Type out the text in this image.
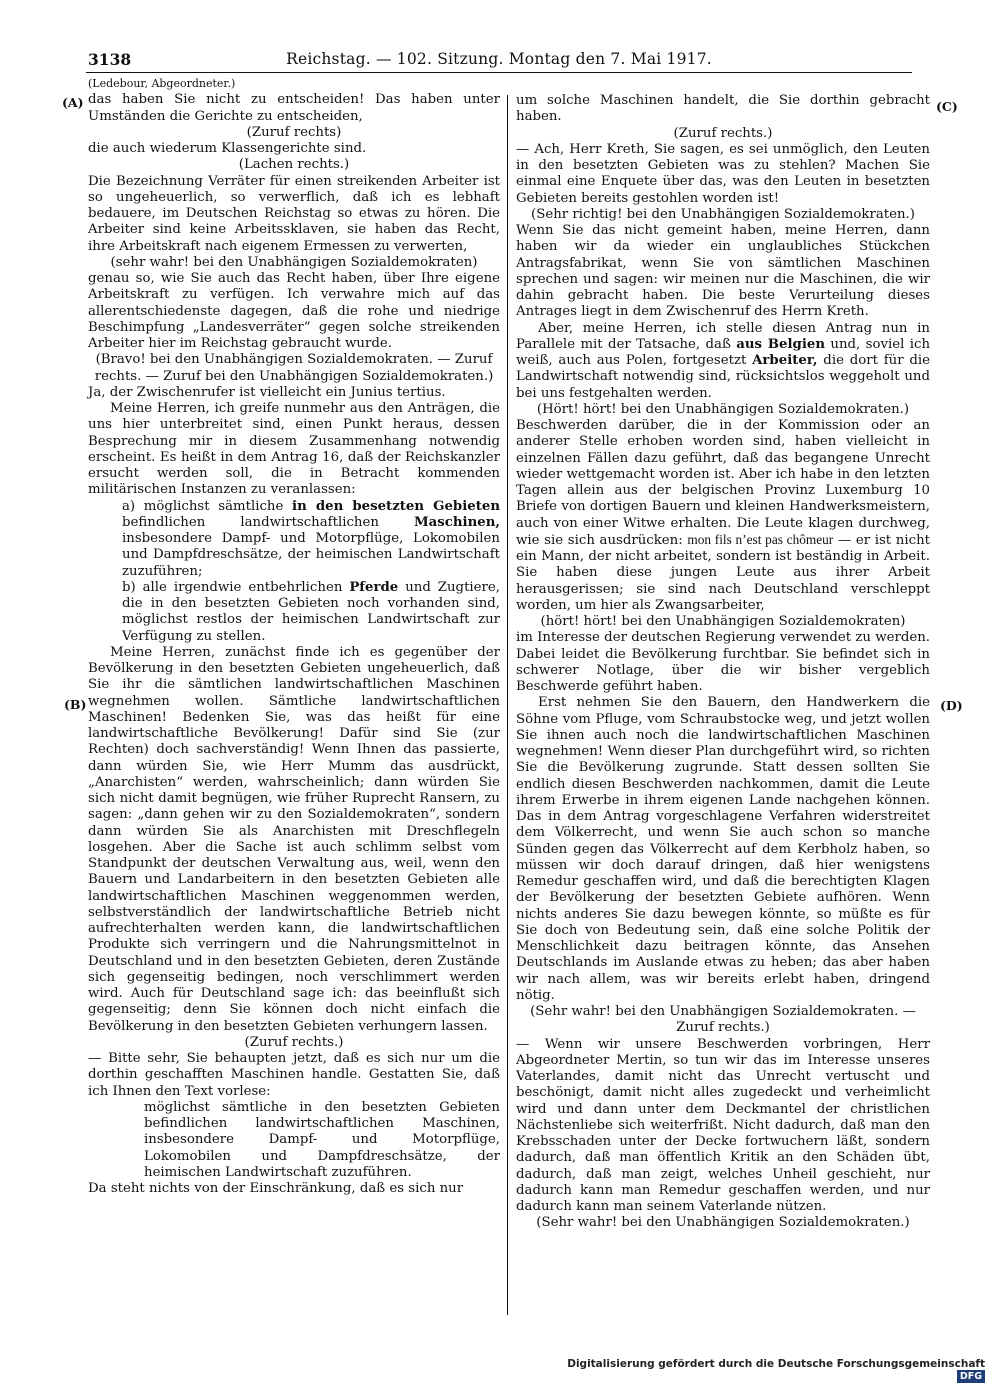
3138	Reichstag. — 102. Sitzung. Montag den 7. Mai 1917.
(A)
(B)
(C)
(D)

(Ledebour, Abgeordneter.)

das haben Sie nicht zu entscheiden! Das haben unter Umständen die Gerichte zu entscheiden,

(Zuruf rechts)

die auch wiederum Klassengerichte sind.

(Lachen rechts.)

Die Bezeichnung Verräter für einen streikenden Arbeiter ist so ungeheuerlich, so verwerflich, daß ich es lebhaft bedauere, im Deutschen Reichstag so etwas zu hören. Die Arbeiter sind keine Arbeitssklaven, sie haben das Recht, ihre Arbeitskraft nach eigenem Ermessen zu verwerten,

(sehr wahr! bei den Unabhängigen Sozialdemokraten)

genau so, wie Sie auch das Recht haben, über Ihre eigene Arbeitskraft zu verfügen. Ich verwahre mich auf das allerentschiedenste dagegen, daß die rohe und niedrige Beschimpfung „Landesverräter“ gegen solche streikenden Arbeiter hier im Reichstag gebraucht wurde.

(Bravo! bei den Unabhängigen Sozialdemokraten. — Zuruf rechts. — Zuruf bei den Unabhängigen Sozialdemokraten.)

Ja, der Zwischenrufer ist vielleicht ein Junius tertius.

Meine Herren, ich greife nunmehr aus den Anträgen, die uns hier unterbreitet sind, einen Punkt heraus, dessen Besprechung mir in diesem Zusammenhang notwendig erscheint. Es heißt in dem Antrag 16, daß der Reichskanzler ersucht werden soll, die in Betracht kommenden militärischen Instanzen zu veranlassen:

a) möglichst sämtliche in den besetzten Gebieten befindlichen landwirtschaftlichen Maschinen, insbesondere Dampf- und Motorpflüge, Lokomobilen und Dampfdreschsätze, der heimischen Landwirtschaft zuzuführen;

b) alle irgendwie entbehrlichen Pferde und Zugtiere, die in den besetzten Gebieten noch vorhanden sind, möglichst restlos der heimischen Landwirtschaft zur Verfügung zu stellen.

Meine Herren, zunächst finde ich es gegenüber der Bevölkerung in den besetzten Gebieten ungeheuerlich, daß Sie ihr die sämtlichen landwirtschaftlichen Maschinen wegnehmen wollen. Sämtliche landwirtschaftlichen Maschinen! Bedenken Sie, was das heißt für eine landwirtschaftliche Bevölkerung! Dafür sind Sie (zur Rechten) doch sachverständig! Wenn Ihnen das passierte, dann würden Sie, wie Herr Mumm das ausdrückt, „Anarchisten“ werden, wahrscheinlich; dann würden Sie sich nicht damit begnügen, wie früher Ruprecht Ransern, zu sagen: „dann gehen wir zu den Sozialdemokraten“, sondern dann würden Sie als Anarchisten mit Dreschflegeln losgehen. Aber die Sache ist auch schlimm selbst vom Standpunkt der deutschen Verwaltung aus, weil, wenn den Bauern und Landarbeitern in den besetzten Gebieten alle landwirtschaftlichen Maschinen weggenommen werden, selbstverständlich der landwirtschaftliche Betrieb nicht aufrechterhalten werden kann, die landwirtschaftlichen Produkte sich verringern und die Nahrungsmittelnot in Deutschland und in den besetzten Gebieten, deren Zustände sich gegenseitig bedingen, noch verschlimmert werden wird. Auch für Deutschland sage ich: das beeinflußt sich gegenseitig; denn Sie können doch nicht einfach die Bevölkerung in den besetzten Gebieten verhungern lassen.

(Zuruf rechts.)

— Bitte sehr, Sie behaupten jetzt, daß es sich nur um die dorthin geschafften Maschinen handle. Gestatten Sie, daß ich Ihnen den Text vorlese:

möglichst sämtliche in den besetzten Gebieten befindlichen landwirtschaftlichen Maschinen, insbesondere Dampf- und Motorpflüge, Lokomobilen und Dampfdreschsätze, der heimischen Landwirtschaft zuzuführen.

Da steht nichts von der Einschränkung, daß es sich nur

um solche Maschinen handelt, die Sie dorthin gebracht haben.

(Zuruf rechts.)

— Ach, Herr Kreth, Sie sagen, es sei unmöglich, den Leuten in den besetzten Gebieten was zu stehlen? Machen Sie einmal eine Enquete über das, was den Leuten in besetzten Gebieten bereits gestohlen worden ist!

(Sehr richtig! bei den Unabhängigen Sozialdemokraten.)

Wenn Sie das nicht gemeint haben, meine Herren, dann haben wir da wieder ein unglaubliches Stückchen Antragsfabrikat, wenn Sie von sämtlichen Maschinen sprechen und sagen: wir meinen nur die Maschinen, die wir dahin gebracht haben. Die beste Verurteilung dieses Antrages liegt in dem Zwischenruf des Herrn Kreth.

Aber, meine Herren, ich stelle diesen Antrag nun in Parallele mit der Tatsache, daß aus Belgien und, soviel ich weiß, auch aus Polen, fortgesetzt Arbeiter, die dort für die Landwirtschaft notwendig sind, rücksichtslos weggeholt und bei uns festgehalten werden.

(Hört! hört! bei den Unabhängigen Sozialdemokraten.)

Beschwerden darüber, die in der Kommission oder an anderer Stelle erhoben worden sind, haben vielleicht in einzelnen Fällen dazu geführt, daß das begangene Unrecht wieder wettgemacht worden ist. Aber ich habe in den letzten Tagen allein aus der belgischen Provinz Luxemburg 10 Briefe von dortigen Bauern und kleinen Handwerksmeistern, auch von einer Witwe erhalten. Die Leute klagen durchweg, wie sie sich ausdrücken: mon fils n’est pas chômeur — er ist nicht ein Mann, der nicht arbeitet, sondern ist beständig in Arbeit. Sie haben diese jungen Leute aus ihrer Arbeit herausgerissen; sie sind nach Deutschland verschleppt worden, um hier als Zwangsarbeiter,

(hört! hört! bei den Unabhängigen Sozialdemokraten)

im Interesse der deutschen Regierung verwendet zu werden. Dabei leidet die Bevölkerung furchtbar. Sie befindet sich in schwerer Notlage, über die wir bisher vergeblich Beschwerde geführt haben.

Erst nehmen Sie den Bauern, den Handwerkern die Söhne vom Pfluge, vom Schraubstocke weg, und jetzt wollen Sie ihnen auch noch die landwirtschaftlichen Maschinen wegnehmen! Wenn dieser Plan durchgeführt wird, so richten Sie die Bevölkerung zugrunde. Statt dessen sollten Sie endlich diesen Beschwerden nachkommen, damit die Leute ihrem Erwerbe in ihrem eigenen Lande nachgehen können. Das in dem Antrag vorgeschlagene Verfahren widerstreitet dem Völkerrecht, und wenn Sie auch schon so manche Sünden gegen das Völkerrecht auf dem Kerbholz haben, so müssen wir doch darauf dringen, daß hier wenigstens Remedur geschaffen wird, und daß die berechtigten Klagen der Bevölkerung der besetzten Gebiete aufhören. Wenn nichts anderes Sie dazu bewegen könnte, so müßte es für Sie doch von Bedeutung sein, daß eine solche Politik der Menschlichkeit dazu beitragen könnte, das Ansehen Deutschlands im Auslande etwas zu heben; das aber haben wir nach allem, was wir bereits erlebt haben, dringend nötig.

(Sehr wahr! bei den Unabhängigen Sozialdemokraten. — Zuruf rechts.)

— Wenn wir unsere Beschwerden vorbringen, Herr Abgeordneter Mertin, so tun wir das im Interesse unseres Vaterlandes, damit nicht das Unrecht vertuscht und beschönigt, damit nicht alles zugedeckt und verheimlicht wird und dann unter dem Deckmantel der christlichen Nächstenliebe sich weiterfrißt. Nicht dadurch, daß man den Krebsschaden unter der Decke fortwuchern läßt, sondern dadurch, daß man öffentlich Kritik an den Schäden übt, dadurch, daß man zeigt, welches Unheil geschieht, nur dadurch kann man Remedur geschaffen werden, und nur dadurch kann man seinem Vaterlande nützen.

(Sehr wahr! bei den Unabhängigen Sozialdemokraten.)

Digitalisierung gefördert durch die Deutsche Forschungsgemeinschaft DFG
